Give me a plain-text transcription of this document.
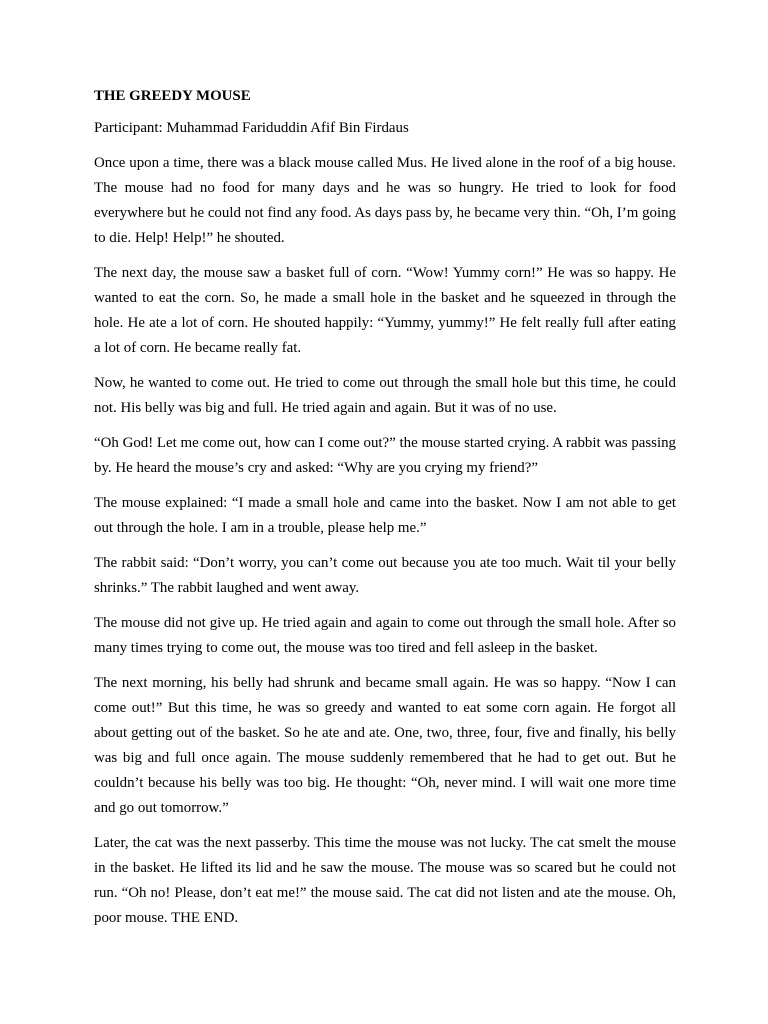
THE GREEDY MOUSE
Participant: Muhammad Fariduddin Afif Bin Firdaus

Once upon a time, there was a black mouse called Mus. He lived alone in the roof of a big house. The mouse had no food for many days and he was so hungry. He tried to look for food everywhere but he could not find any food. As days pass by, he became very thin. “Oh, I’m going to die. Help! Help!” he shouted.

The next day, the mouse saw a basket full of corn. “Wow! Yummy corn!” He was so happy. He wanted to eat the corn. So, he made a small hole in the basket and he squeezed in through the hole. He ate a lot of corn. He shouted happily: “Yummy, yummy!” He felt really full after eating a lot of corn. He became really fat.

Now, he wanted to come out. He tried to come out through the small hole but this time, he could not. His belly was big and full. He tried again and again. But it was of no use.

“Oh God! Let me come out, how can I come out?” the mouse started crying. A rabbit was passing by. He heard the mouse’s cry and asked: “Why are you crying my friend?”

The mouse explained: “I made a small hole and came into the basket. Now I am not able to get out through the hole. I am in a trouble, please help me.”

The rabbit said: “Don’t worry, you can’t come out because you ate too much. Wait til your belly shrinks.” The rabbit laughed and went away.

The mouse did not give up. He tried again and again to come out through the small hole. After so many times trying to come out, the mouse was too tired and fell asleep in the basket.

The next morning, his belly had shrunk and became small again. He was so happy. “Now I can come out!” But this time, he was so greedy and wanted to eat some corn again. He forgot all about getting out of the basket. So he ate and ate. One, two, three, four, five and finally, his belly was big and full once again. The mouse suddenly remembered that he had to get out. But he couldn’t because his belly was too big. He thought: “Oh, never mind. I will wait one more time and go out tomorrow.”

Later, the cat was the next passerby. This time the mouse was not lucky. The cat smelt the mouse in the basket. He lifted its lid and he saw the mouse. The mouse was so scared but he could not run. “Oh no! Please, don’t eat me!” the mouse said. The cat did not listen and ate the mouse. Oh, poor mouse. THE END.
